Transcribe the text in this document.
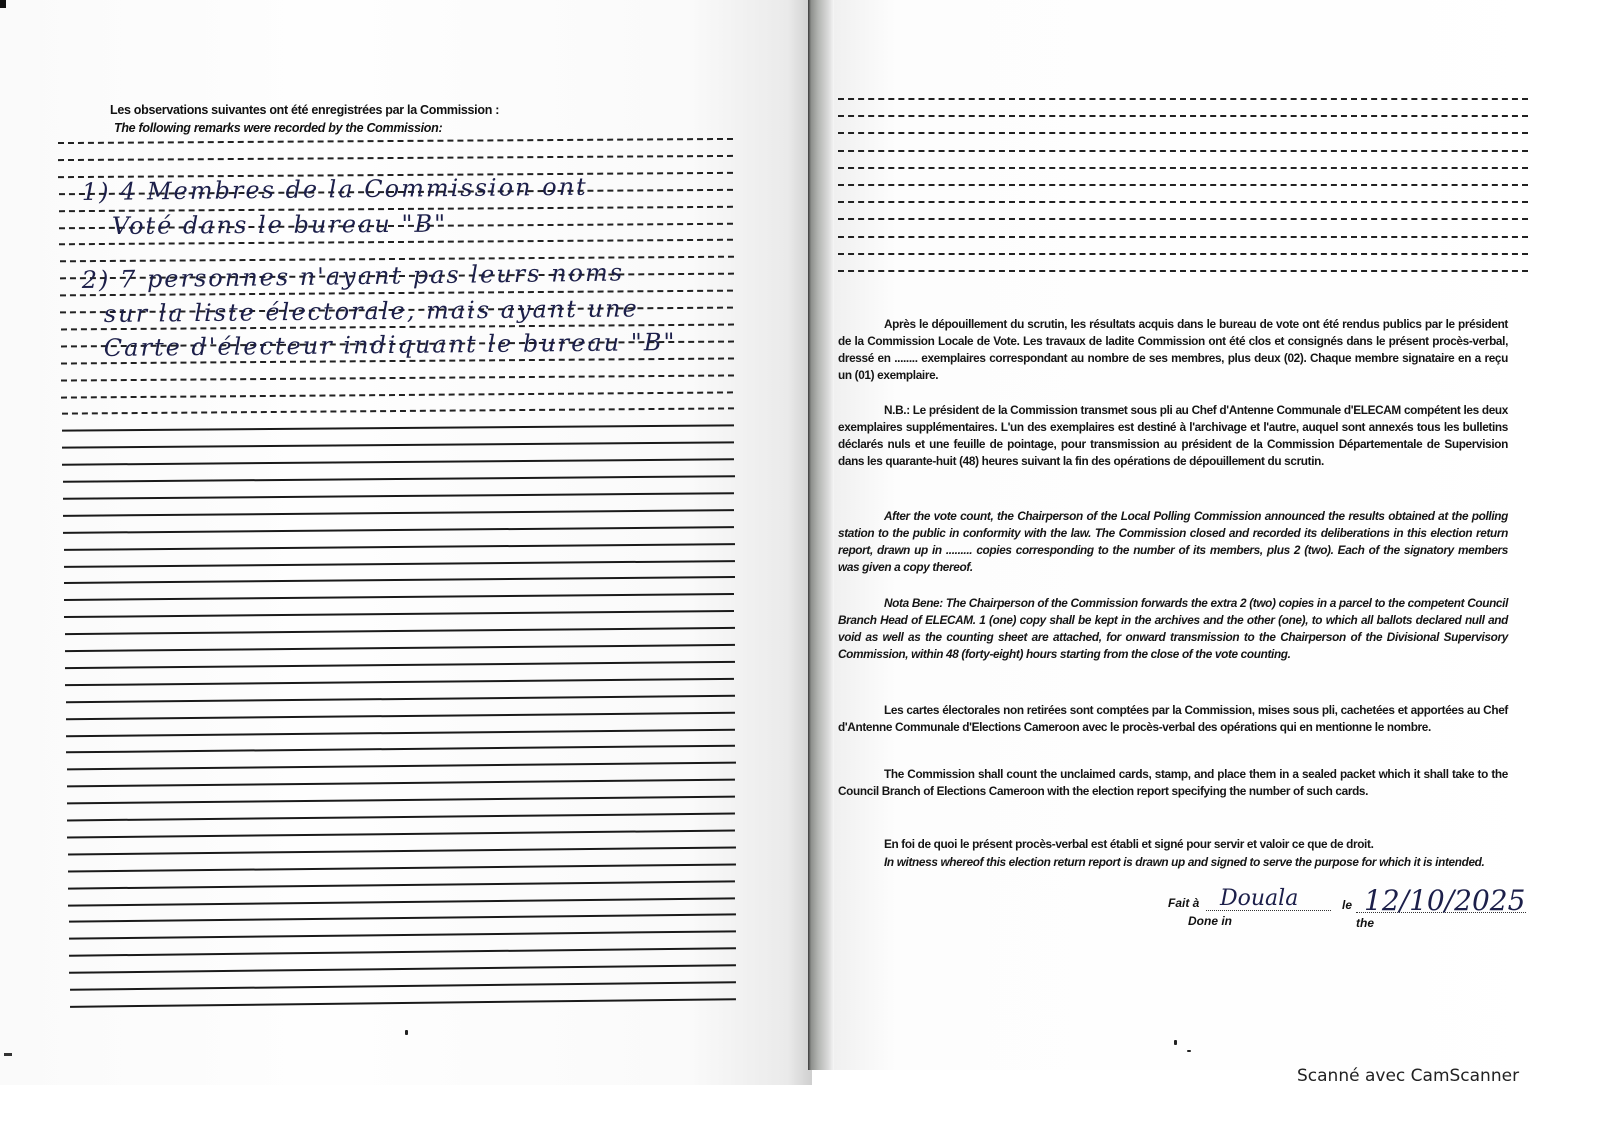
Les observations suivantes ont été enregistrées par la Commission :
The following remarks were recorded by the Commission:
1) 4 Membres de la Commission ont
Voté dans le bureau "B"
2) 7 personnes n'ayant pas leurs noms
sur la liste électorale, mais ayant une
Carte d'électeur indiquant le bureau "B"
Après le dépouillement du scrutin, les résultats acquis dans le bureau de vote ont été rendus publics par le président de la Commission Locale de Vote. Les travaux de ladite Commission ont été clos et consignés dans le présent procès-verbal, dressé en ........ exemplaires correspondant au nombre de ses membres, plus deux (02). Chaque membre signataire en a reçu un (01) exemplaire.
N.B.: Le président de la Commission transmet sous pli au Chef d'Antenne Communale d'ELECAM compétent les deux exemplaires supplémentaires. L'un des exemplaires est destiné à l'archivage et l'autre, auquel sont annexés tous les bulletins déclarés nuls et une feuille de pointage, pour transmission au président de la Commission Départementale de Supervision dans les quarante-huit (48) heures suivant la fin des opérations de dépouillement du scrutin.
After the vote count, the Chairperson of the Local Polling Commission announced the results obtained at the polling station to the public in conformity with the law. The Commission closed and recorded its deliberations in this election return report, drawn up in ......... copies corresponding to the number of its members, plus 2 (two). Each of the signatory members was given a copy thereof.
Nota Bene: The Chairperson of the Commission forwards the extra 2 (two) copies in a parcel to the competent Council Branch Head of ELECAM. 1 (one) copy shall be kept in the archives and the other (one), to which all ballots declared null and void as well as the counting sheet are attached, for onward transmission to the Chairperson of the Divisional Supervisory Commission, within 48 (forty-eight) hours starting from the close of the vote counting.
Les cartes électorales non retirées sont comptées par la Commission, mises sous pli, cachetées et apportées au Chef d'Antenne Communale d'Elections Cameroon avec le procès-verbal des opérations qui en mentionne le nombre.
The Commission shall count the unclaimed cards, stamp, and place them in a sealed packet which it shall take to the Council Branch of Elections Cameroon with the election report specifying the number of such cards.
En foi de quoi le présent procès-verbal est établi et signé pour servir et valoir ce que de droit.
In witness whereof this election return report is drawn up and signed to serve the purpose for which it is intended.
Fait à
Done in
Douala	le
the
12/10/2025
Scanné avec CamScanner
